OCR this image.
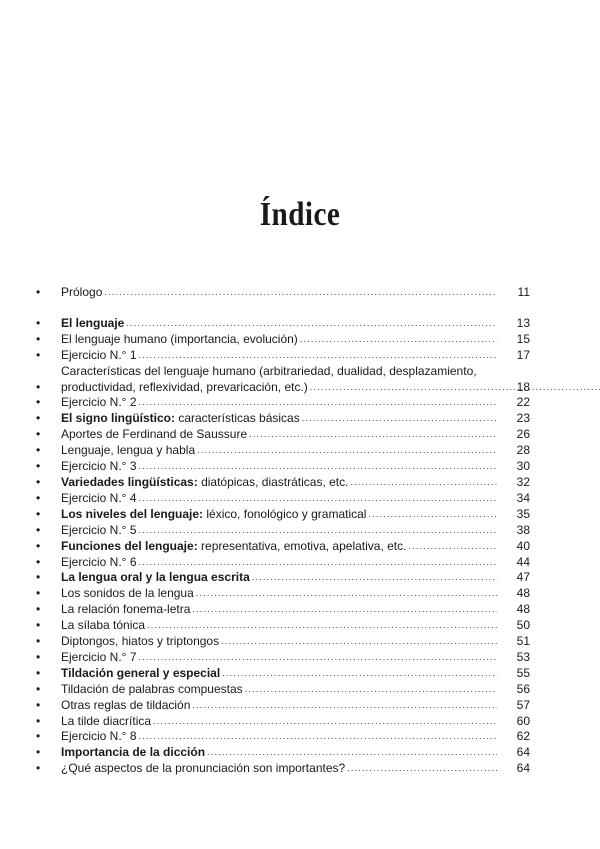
Índice
•	Prólogo .....	11
•	El lenguaje .....	13
•	El lenguaje humano (importancia, evolución) .....	15
•	Ejercicio N.° 1 .....	17
•
Características del lenguaje humano (arbitrariedad, dualidad, desplazamiento,
productividad, reflexividad, prevaricación, etc.) .....	18
•	Ejercicio N.° 2 .....	22
•	El signo lingüístico: características básicas .....	23
•	Aportes de Ferdinand de Saussure .....	26
•	Lenguaje, lengua y habla .....	28
•	Ejercicio N.° 3 .....	30
•	Variedades lingüísticas: diatópicas, diastráticas, etc. .....	32
•	Ejercicio N.° 4 .....	34
•	Los niveles del lenguaje: léxico, fonológico y gramatical .....	35
•	Ejercicio N.° 5 .....	38
•	Funciones del lenguaje: representativa, emotiva, apelativa, etc. .....	40
•	Ejercicio N.° 6 .....	44
•	La lengua oral y la lengua escrita .....	47
•	Los sonidos de la lengua .....	48
•	La relación fonema-letra .....	48
•	La sílaba tónica .....	50
•	Diptongos, hiatos y triptongos .....	51
•	Ejercicio N.° 7 .....	53
•	Tildación general y especial .....	55
•	Tildación de palabras compuestas .....	56
•	Otras reglas de tildación .....	57
•	La tilde diacrítica .....	60
•	Ejercicio N.° 8 .....	62
•	Importancia de la dicción .....	64
•	¿Qué aspectos de la pronunciación son importantes? .....	64
